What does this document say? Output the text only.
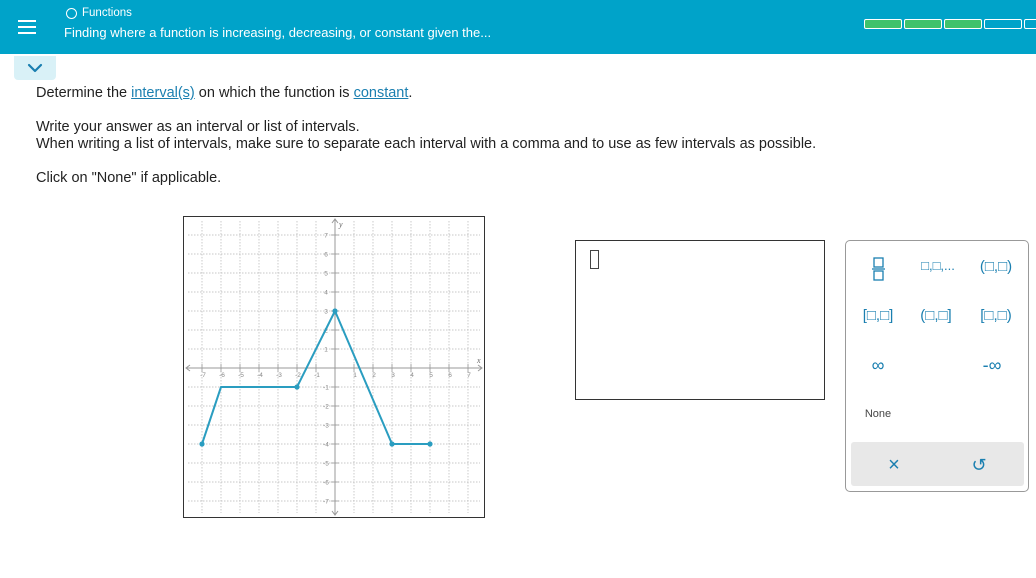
Functions
Finding where a function is increasing, decreasing, or constant given the...

Determine the interval(s) on which the function is constant.

Write your answer as an interval or list of intervals.

When writing a list of intervals, make sure to separate each interval with a comma and to use as few intervals as possible.

Click on "None" if applicable.

-7 -6 -5 -4 -3 -2 -1	1 2 3 4 5 6 7
7
6
5
4
3
2
1
-1
-2
-3
-4
-5
-6
-7
x
y
□,□,...	(□,□)
[□,□]	(□,□]	[□,□)
∞	-∞
None
×	↺
